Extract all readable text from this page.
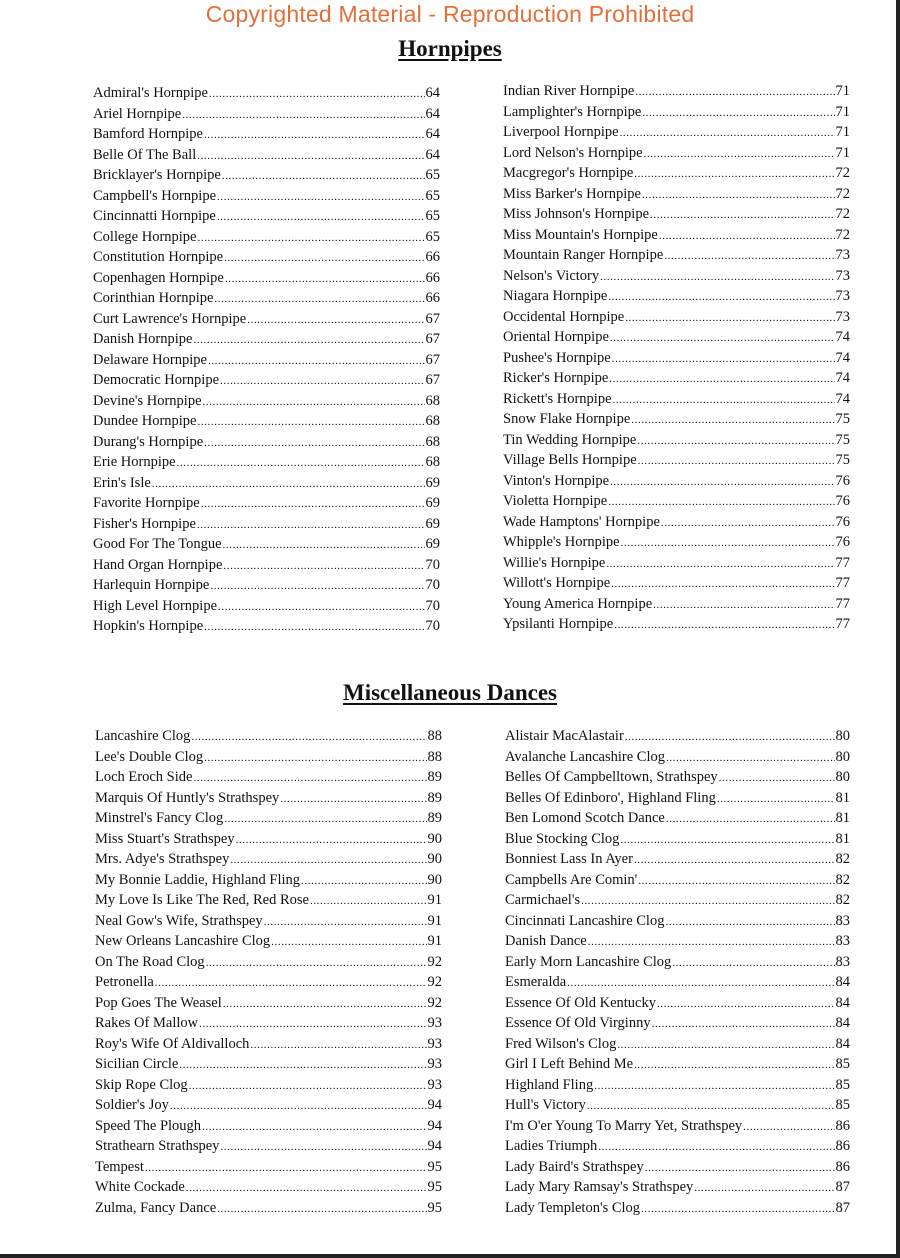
Copyrighted Material - Reproduction Prohibited
Hornpipes
Admiral's Hornpipe .....	64
Ariel Hornpipe .....	64
Bamford Hornpipe .....	64
Belle Of The Ball .....	64
Bricklayer's Hornpipe .....	65
Campbell's Hornpipe .....	65
Cincinnatti Hornpipe .....	65
College Hornpipe .....	65
Constitution Hornpipe .....	66
Copenhagen Hornpipe .....	66
Corinthian Hornpipe .....	66
Curt Lawrence's Hornpipe .....	67
Danish Hornpipe .....	67
Delaware Hornpipe .....	67
Democratic Hornpipe .....	67
Devine's Hornpipe .....	68
Dundee Hornpipe .....	68
Durang's Hornpipe .....	68
Erie Hornpipe .....	68
Erin's Isle .....	69
Favorite Hornpipe .....	69
Fisher's Hornpipe .....	69
Good For The Tongue .....	69
Hand Organ Hornpipe .....	70
Harlequin Hornpipe .....	70
High Level Hornpipe .....	70
Hopkin's Hornpipe .....	70
Indian River Hornpipe .....	71
Lamplighter's Hornpipe .....	71
Liverpool Hornpipe .....	71
Lord Nelson's Hornpipe .....	71
Macgregor's Hornpipe .....	72
Miss Barker's Hornpipe .....	72
Miss Johnson's Hornpipe .....	72
Miss Mountain's Hornpipe .....	72
Mountain Ranger Hornpipe .....	73
Nelson's Victory .....	73
Niagara Hornpipe .....	73
Occidental Hornpipe .....	73
Oriental Hornpipe .....	74
Pushee's Hornpipe .....	74
Ricker's Hornpipe .....	74
Rickett's Hornpipe .....	74
Snow Flake Hornpipe .....	75
Tin Wedding Hornpipe .....	75
Village Bells Hornpipe .....	75
Vinton's Hornpipe .....	76
Violetta Hornpipe .....	76
Wade Hamptons' Hornpipe .....	76
Whipple's Hornpipe .....	76
Willie's Hornpipe .....	77
Willott's Hornpipe .....	77
Young America Hornpipe .....	77
Ypsilanti Hornpipe .....	77
Miscellaneous Dances
Lancashire Clog .....	88
Lee's Double Clog .....	88
Loch Eroch Side .....	89
Marquis Of Huntly's Strathspey .....	89
Minstrel's Fancy Clog .....	89
Miss Stuart's Strathspey .....	90
Mrs. Adye's Strathspey .....	90
My Bonnie Laddie, Highland Fling .....	90
My Love Is Like The Red, Red Rose .....	91
Neal Gow's Wife, Strathspey .....	91
New Orleans Lancashire Clog .....	91
On The Road Clog .....	92
Petronella .....	92
Pop Goes The Weasel .....	92
Rakes Of Mallow .....	93
Roy's Wife Of Aldivalloch .....	93
Sicilian Circle .....	93
Skip Rope Clog .....	93
Soldier's Joy .....	94
Speed The Plough .....	94
Strathearn Strathspey .....	94
Tempest .....	95
White Cockade .....	95
Zulma, Fancy Dance .....	95
Alistair MacAlastair .....	80
Avalanche Lancashire Clog .....	80
Belles Of Campbelltown, Strathspey .....	80
Belles Of Edinboro', Highland Fling .....	81
Ben Lomond Scotch Dance .....	81
Blue Stocking Clog .....	81
Bonniest Lass In Ayer .....	82
Campbells Are Comin' .....	82
Carmichael's .....	82
Cincinnati Lancashire Clog .....	83
Danish Dance .....	83
Early Morn Lancashire Clog .....	83
Esmeralda .....	84
Essence Of Old Kentucky .....	84
Essence Of Old Virginny .....	84
Fred Wilson's Clog .....	84
Girl I Left Behind Me .....	85
Highland Fling .....	85
Hull's Victory .....	85
I'm O'er Young To Marry Yet, Strathspey .....	86
Ladies Triumph .....	86
Lady Baird's Strathspey .....	86
Lady Mary Ramsay's Strathspey .....	87
Lady Templeton's Clog .....	87
